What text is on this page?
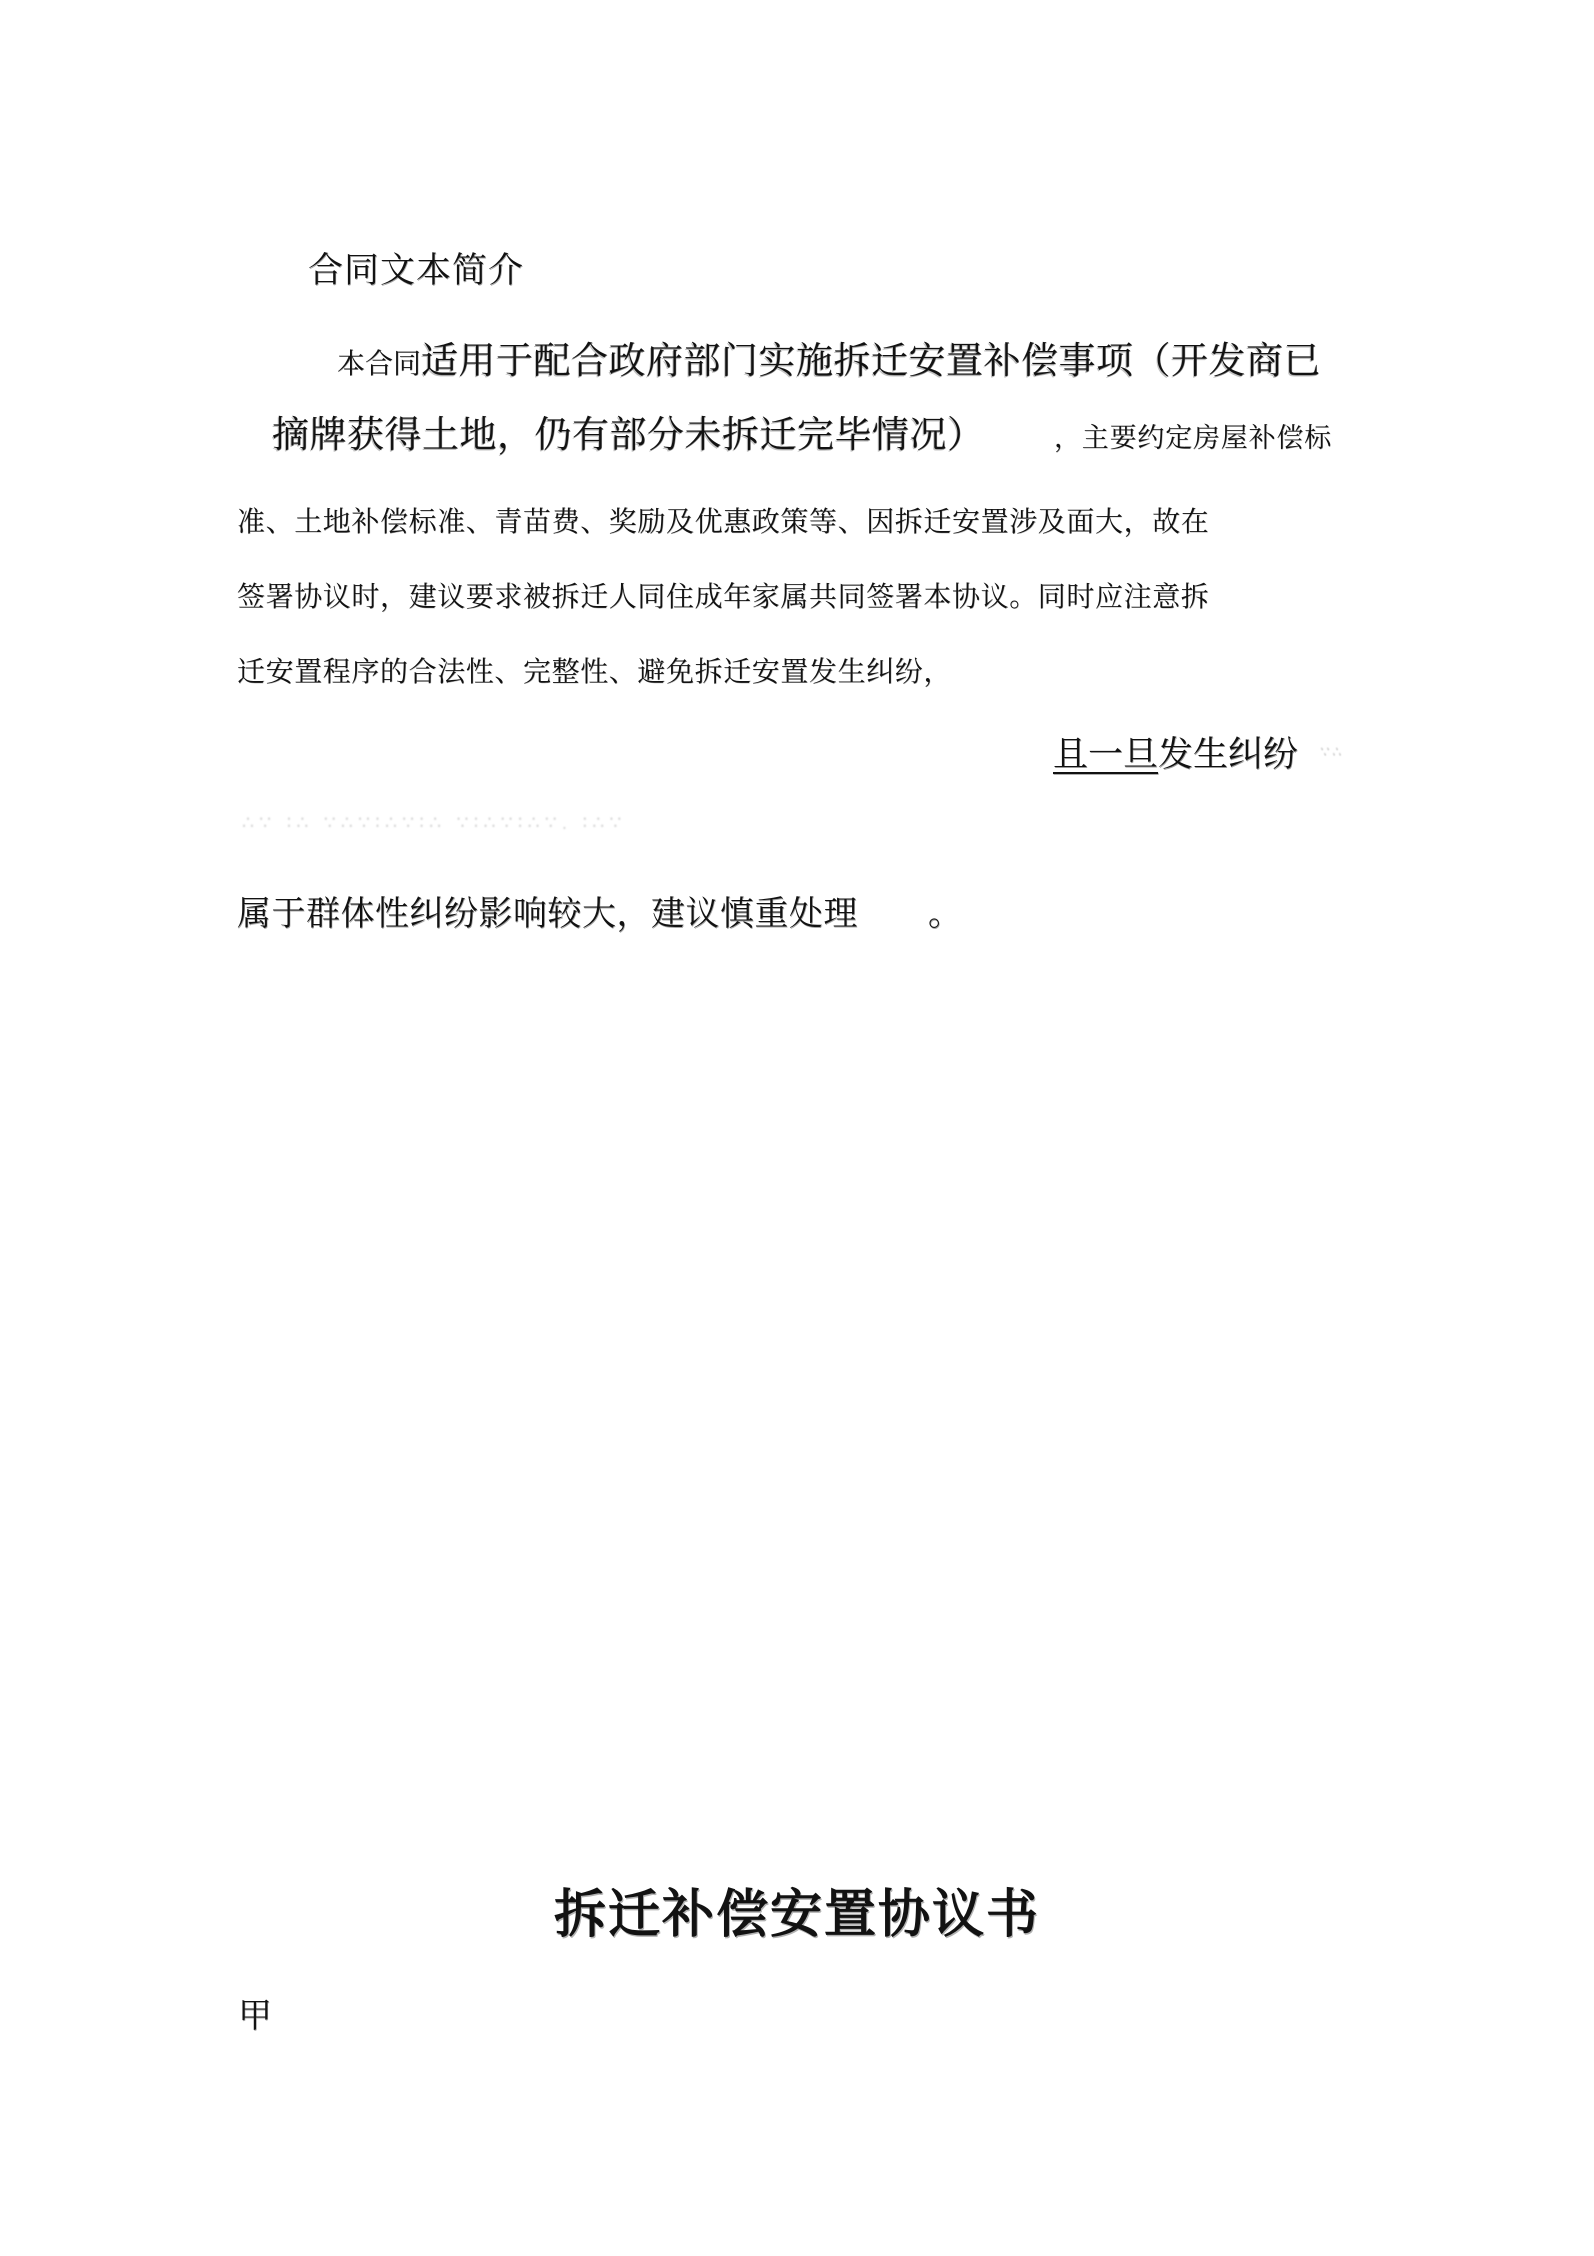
合同文本简介
本合同适用于配合政府部门实施拆迁安置补偿事项（开发商已
摘牌获得土地，仍有部分未拆迁完毕情况）	，主要约定房屋补偿标
准、土地补偿标准、青苗费、奖励及优惠政策等、因拆迁安置涉及面大，故在
签署协议时，建议要求被拆迁人同住成年家属共同签署本协议。同时应注意拆
迁安置程序的合法性、完整性、避免拆迁安置发生纠纷，
且一旦发生纠纷 ∵∴
∴∵ ∶∴ ∵∴∵∶∴∵∶∴ ∵∶∴∵∶∴∵. ∶∴∵
属于群体性纠纷影响较大，建议慎重处理 。
拆迁补偿安置协议书
甲
